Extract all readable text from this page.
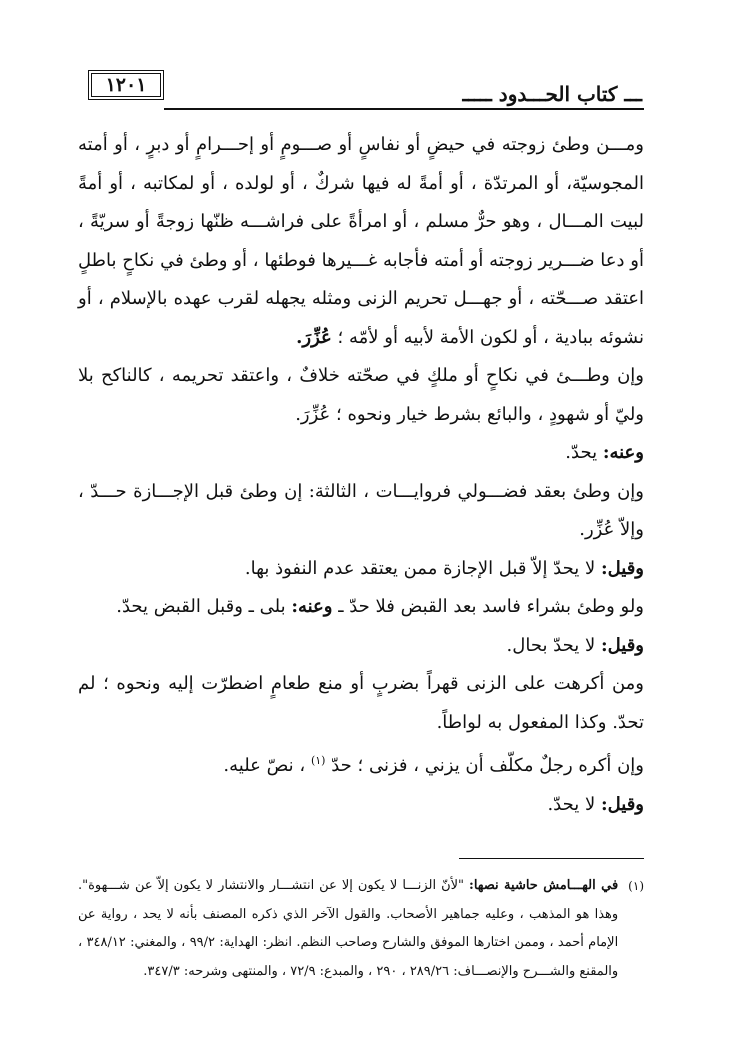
١٢٠١	ـــ كتاب الحـــدود ـــــ

ومـــن وطئ زوجته في حيضٍ أو نفاسٍ أو صـــومٍ أو إحـــرامٍ أو دبرٍ ، أو أمته المجوسيّة، أو المرتدّة ، أو أمةً له فيها شركٌ ، أو لولده ، أو لمكاتبه ، أو أمةً لبيت المـــال ، وهو حرٌّ مسلم ، أو امرأةً على فراشـــه ظنّها زوجةً أو سريّةً ، أو دعا ضـــرير زوجته أو أمته فأجابه غـــيرها فوطئها ، أو وطئ في نكاحٍ باطلٍ اعتقد صـــحّته ، أو جهـــل تحريم الزنى ومثله يجهله لقرب عهده بالإسلام ، أو نشوئه ببادية ، أو لكون الأمة لأبيه أو لأمّه ؛ عُزِّرَ.

وإن وطـــئ في نكاحٍ أو ملكٍ في صحّته خلافٌ ، واعتقد تحريمه ، كالناكح بلا وليّ أو شهودٍ ، والبائع بشرط خيار ونحوه ؛ عُزِّرَ.

وعنه: يحدّ.

وإن وطئ بعقد فضـــولي فروايـــات ، الثالثة: إن وطئ قبل الإجـــازة حـــدّ ، وإلاّ عُزِّر.

وقيل: لا يحدّ إلاّ قبل الإجازة ممن يعتقد عدم النفوذ بها.

ولو وطئ بشراء فاسد بعد القبض فلا حدّ ـ وعنه: بلى ـ وقبل القبض يحدّ.

وقيل: لا يحدّ بحال.

ومن أكرهت على الزنى قهراً بضربٍ أو منع طعامٍ اضطرّت إليه ونحوه ؛ لم تحدّ. وكذا المفعول به لواطاً.

وإن أكره رجلٌ مكلّف أن يزني ، فزنى ؛ حدّ $^{(١)}$ ، نصّ عليه.

وقيل: لا يحدّ.

(١)
في الهـــامش حاشية نصها: "لأنّ الزنـــا لا يكون إلا عن انتشـــار والانتشار لا يكون إلاّ عن شـــهوة". وهذا هو المذهب ، وعليه جماهير الأصحاب. والقول الآخر الذي ذكره المصنف بأنه لا يحد ، رواية عن الإمام أحمد ، وممن اختارها الموفق والشارح وصاحب النظم. انظر: الهداية: ٩٩/٢ ، والمغني: ٣٤٨/١٢ ، والمقنع والشـــرح والإنصـــاف: ٢٨٩/٢٦ ، ٢٩٠ ، والمبدع: ٧٢/٩ ، والمنتهى وشرحه: ٣٤٧/٣.
